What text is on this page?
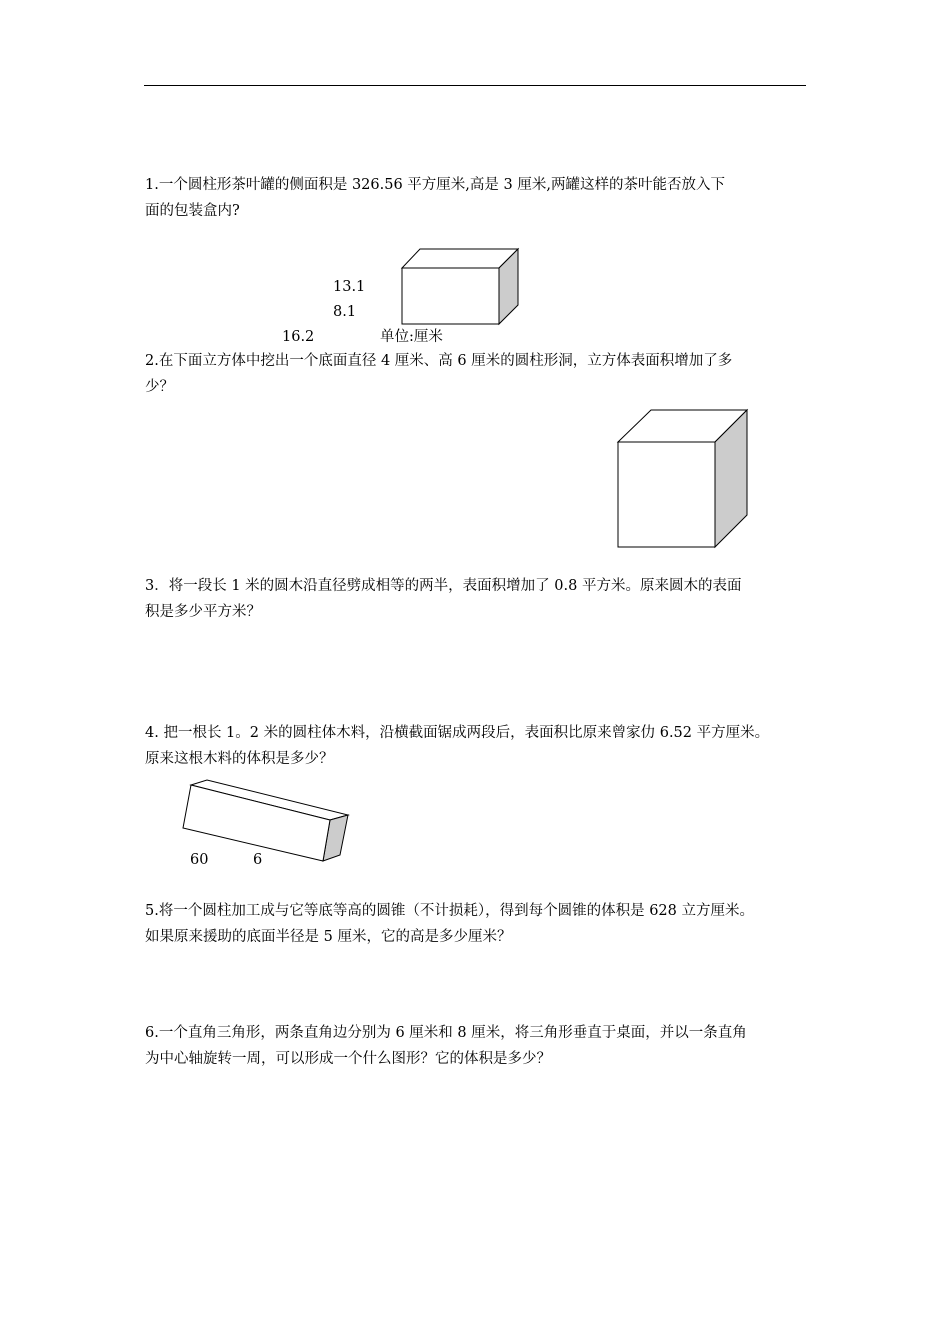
1.一个圆柱形茶叶罐的侧面积是 326.56 平方厘米,高是 3 厘米,两罐这样的茶叶能否放入下
面的包装盒内?
13.1
8.1
16.2	单位:厘米
2.在下面立方体中挖出一个底面直径 4 厘米、高 6 厘米的圆柱形洞，立方体表面积增加了多
少？
3．将一段长 1 米的圆木沿直径劈成相等的两半，表面积增加了 0.8 平方米。原来圆木的表面
积是多少平方米？
4. 把一根长 1。2 米的圆柱体木料，沿横截面锯成两段后，表面积比原来曾家仂 6.52 平方厘米。
原来这根木料的体积是多少？
60	6
5.将一个圆柱加工成与它等底等高的圆锥（不计损耗），得到每个圆锥的体积是 628 立方厘米。
如果原来援助的底面半径是 5 厘米，它的高是多少厘米？
6.一个直角三角形，两条直角边分别为 6 厘米和 8 厘米，将三角形垂直于桌面，并以一条直角
为中心轴旋转一周，可以形成一个什么图形？它的体积是多少？
